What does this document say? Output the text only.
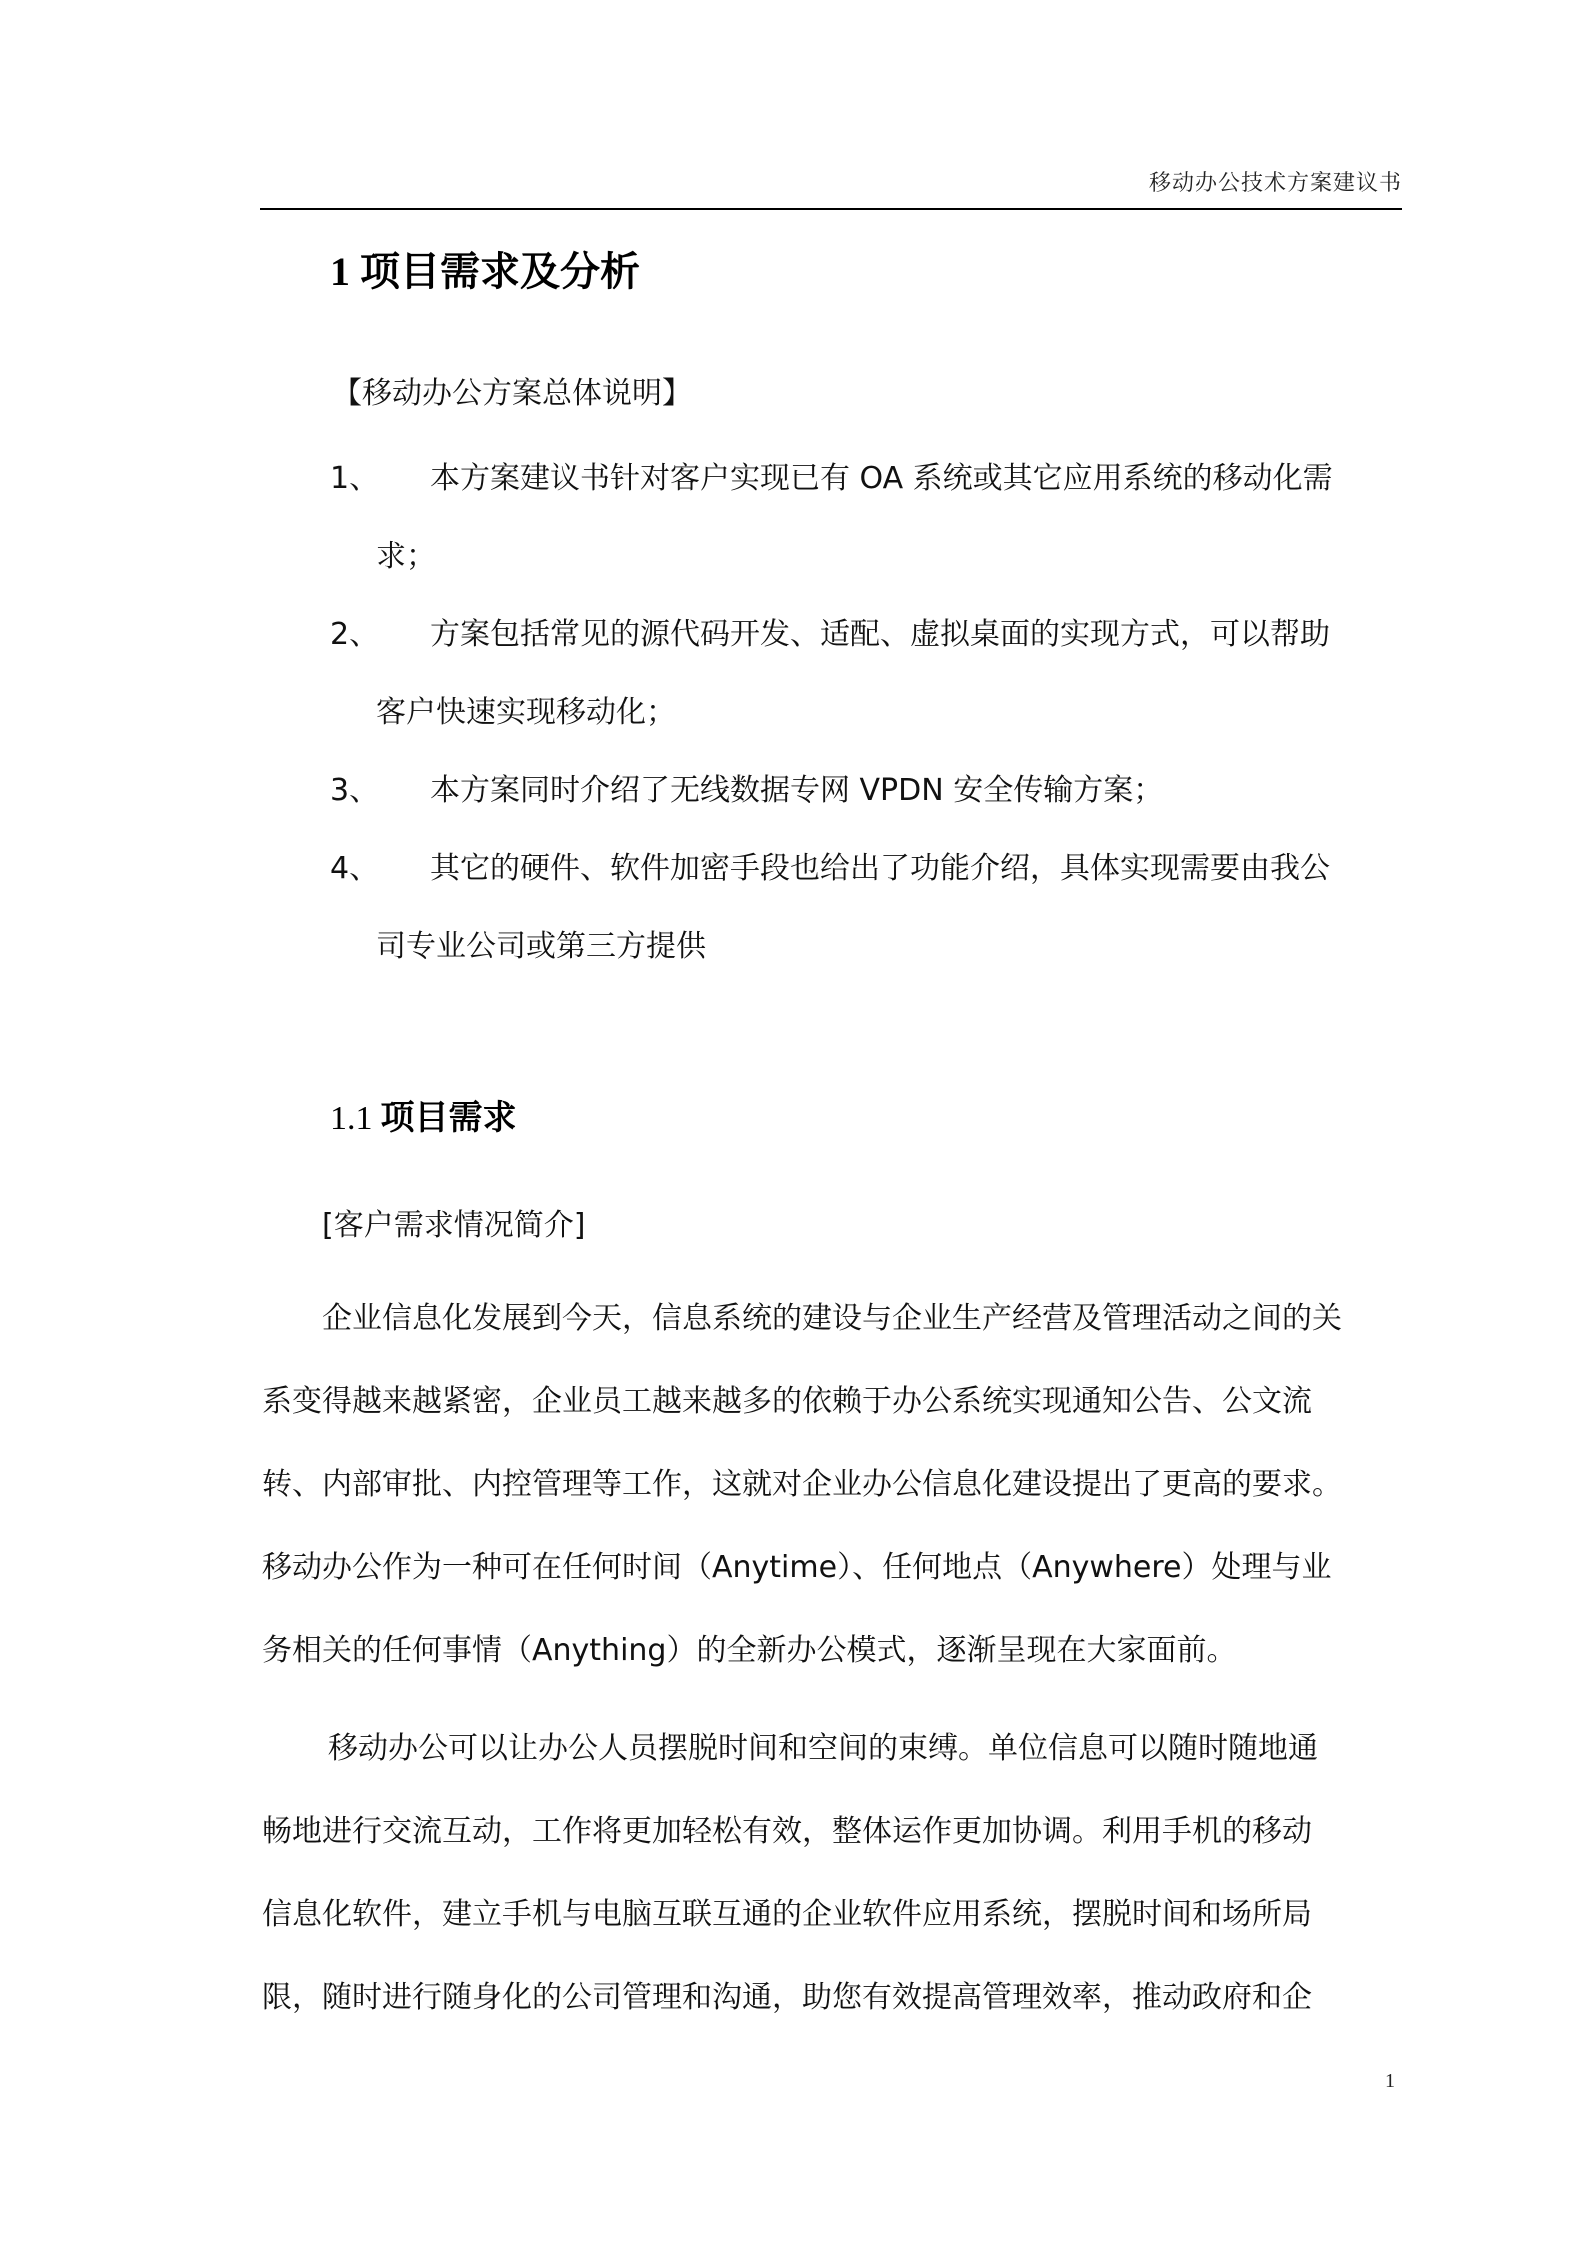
移动办公技术方案建议书
1 项目需求及分析
【移动办公方案总体说明】
1、 本方案建议书针对客户实现已有 OA 系统或其它应用系统的移动化需
求；
2、 方案包括常见的源代码开发、适配、虚拟桌面的实现方式，可以帮助
客户快速实现移动化；
3、 本方案同时介绍了无线数据专网 VPDN 安全传输方案；
4、 其它的硬件、软件加密手段也给出了功能介绍，具体实现需要由我公
司专业公司或第三方提供
1.1 项目需求
[客户需求情况简介]
企业信息化发展到今天，信息系统的建设与企业生产经营及管理活动之间的关
系变得越来越紧密，企业员工越来越多的依赖于办公系统实现通知公告、公文流
转、内部审批、内控管理等工作，这就对企业办公信息化建设提出了更高的要求。
移动办公作为一种可在任何时间（Anytime）、任何地点（Anywhere）处理与业
务相关的任何事情（Anything）的全新办公模式，逐渐呈现在大家面前。
移动办公可以让办公人员摆脱时间和空间的束缚。单位信息可以随时随地通
畅地进行交流互动，工作将更加轻松有效，整体运作更加协调。利用手机的移动
信息化软件，建立手机与电脑互联互通的企业软件应用系统，摆脱时间和场所局
限，随时进行随身化的公司管理和沟通，助您有效提高管理效率，推动政府和企
1
